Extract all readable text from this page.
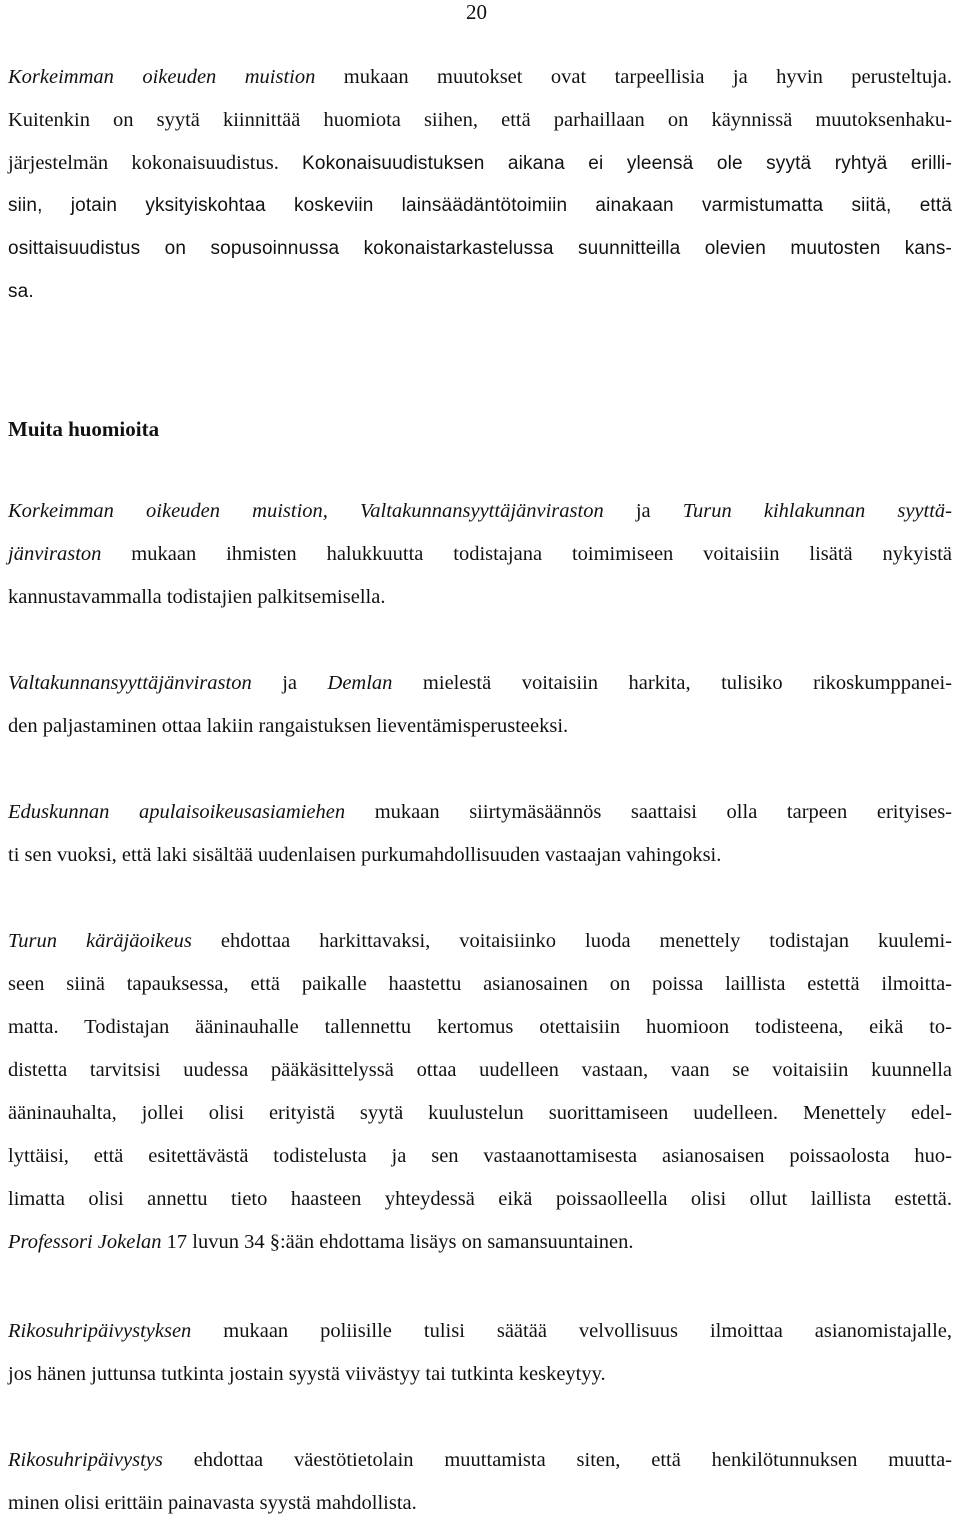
20
Korkeimman oikeuden muistion mukaan muutokset ovat tarpeellisia ja hyvin perusteltuja.
Kuitenkin on syytä kiinnittää huomiota siihen, että parhaillaan on käynnissä muutoksenhaku-
järjestelmän kokonaisuudistus. Kokonaisuudistuksen aikana ei yleensä ole syytä ryhtyä erilli-
siin, jotain yksityiskohtaa koskeviin lainsäädäntötoimiin ainakaan varmistumatta siitä, että
osittaisuudistus on sopusoinnussa kokonaistarkastelussa suunnitteilla olevien muutosten kans-
sa.
Muita huomioita
Korkeimman oikeuden muistion, Valtakunnansyyttäjänviraston ja Turun kihlakunnan syyttä-
jänviraston mukaan ihmisten halukkuutta todistajana toimimiseen voitaisiin lisätä nykyistä
kannustavammalla todistajien palkitsemisella.
Valtakunnansyyttäjänviraston ja Demlan mielestä voitaisiin harkita, tulisiko rikoskumppanei-
den paljastaminen ottaa lakiin rangaistuksen lieventämisperusteeksi.
Eduskunnan apulaisoikeusasiamiehen mukaan siirtymäsäännös saattaisi olla tarpeen erityises-
ti sen vuoksi, että laki sisältää uudenlaisen purkumahdollisuuden vastaajan vahingoksi.
Turun käräjäoikeus ehdottaa harkittavaksi, voitaisiinko luoda menettely todistajan kuulemi-
seen siinä tapauksessa, että paikalle haastettu asianosainen on poissa laillista estettä ilmoitta-
matta. Todistajan ääninauhalle tallennettu kertomus otettaisiin huomioon todisteena, eikä to-
distetta tarvitsisi uudessa pääkäsittelyssä ottaa uudelleen vastaan, vaan se voitaisiin kuunnella
ääninauhalta, jollei olisi erityistä syytä kuulustelun suorittamiseen uudelleen. Menettely edel-
lyttäisi, että esitettävästä todistelusta ja sen vastaanottamisesta asianosaisen poissaolosta huo-
limatta olisi annettu tieto haasteen yhteydessä eikä poissaolleella olisi ollut laillista estettä.
Professori Jokelan 17 luvun 34 §:ään ehdottama lisäys on samansuuntainen.
Rikosuhripäivystyksen mukaan poliisille tulisi säätää velvollisuus ilmoittaa asianomistajalle,
jos hänen juttunsa tutkinta jostain syystä viivästyy tai tutkinta keskeytyy.
Rikosuhripäivystys ehdottaa väestötietolain muuttamista siten, että henkilötunnuksen muutta-
minen olisi erittäin painavasta syystä mahdollista.
